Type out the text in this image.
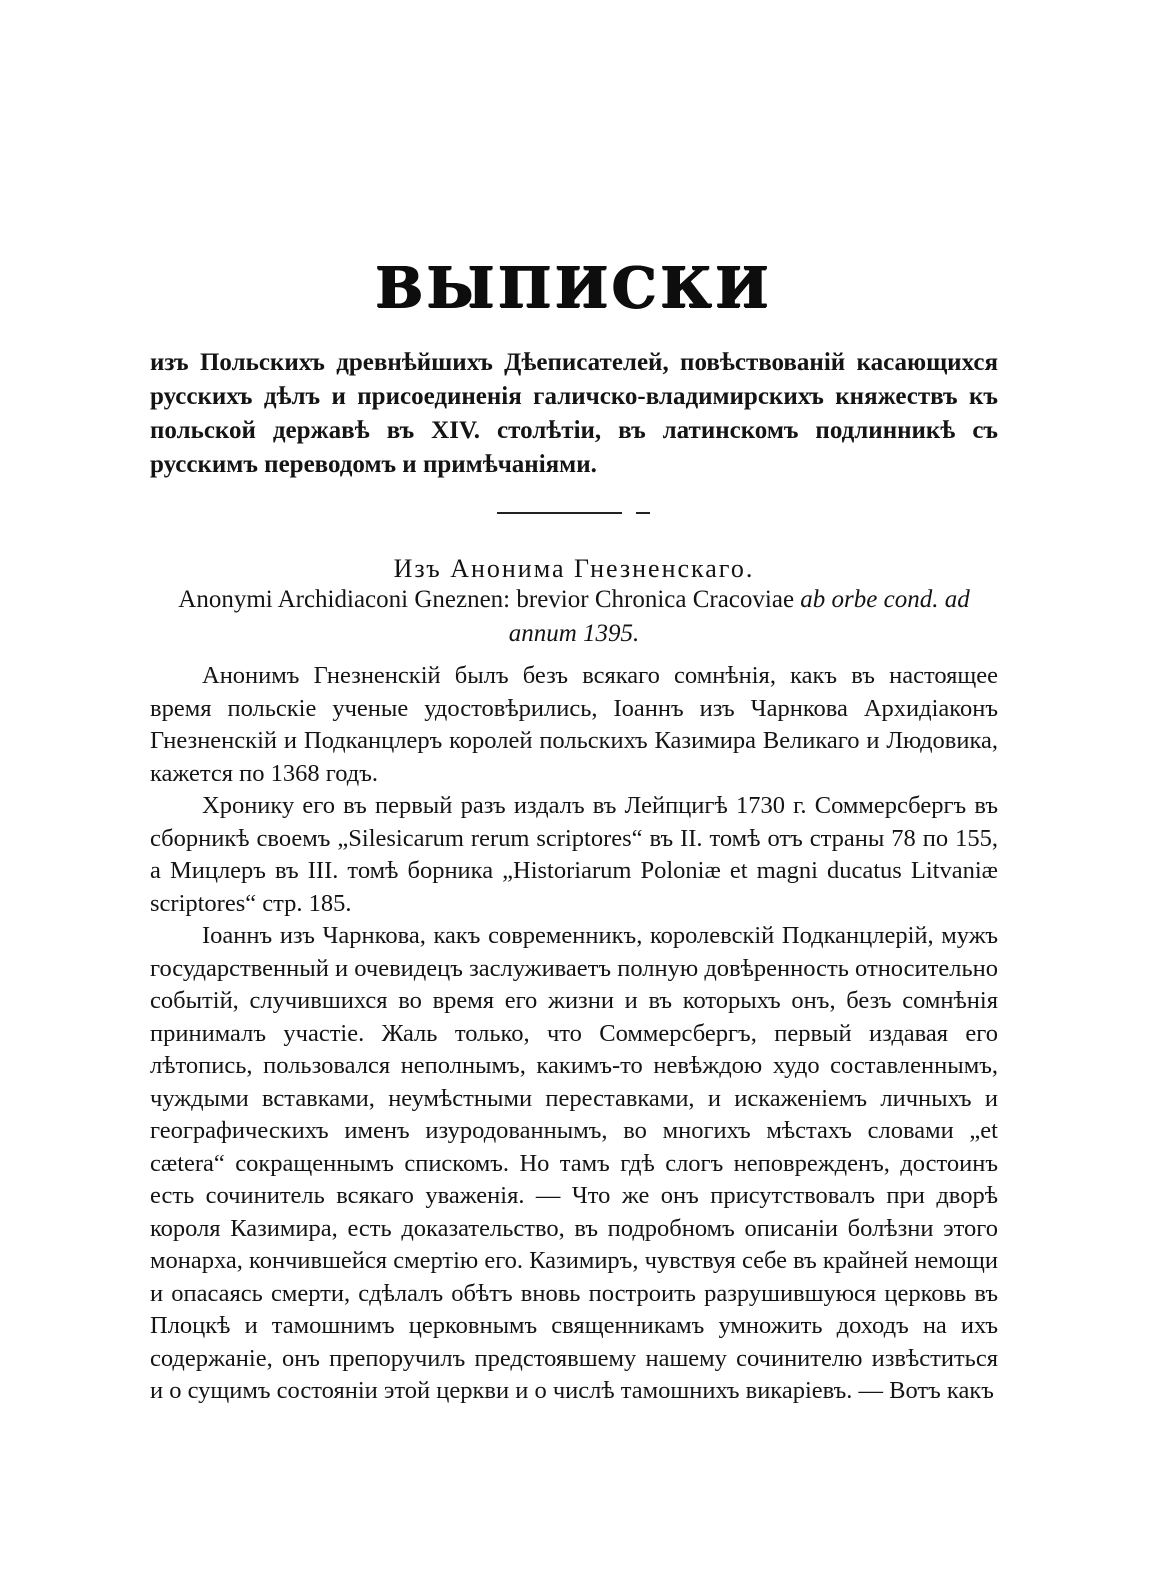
ВЫПИСКИ
изъ Польскихъ древнѣйшихъ Дѣеписателей, повѣствованій касающихся русскихъ дѣлъ и присоединенія галичско-владимирскихъ княжествъ къ польской державѣ въ XIV. столѣтіи, въ латинскомъ подлинникѣ съ русскимъ переводомъ и примѣчаніями.
Изъ Анонима Гнезненскаго.
Anonymi Archidiaconi Gneznen: brevior Chronica Cracoviae ab orbe cond. ad annum 1395.

Анонимъ Гнезненскій былъ безъ всякаго сомнѣнія, какъ въ настоящее время польскіе ученые удостовѣрились, Іоаннъ изъ Чарнкова Архидіаконъ Гнезненскій и Подканцлеръ королей польскихъ Казимира Великаго и Людовика, кажется по 1368 годъ.

Хронику его въ первый разъ издалъ въ Лейпцигѣ 1730 г. Соммерсбергъ въ сборникѣ своемъ „Silesicarum rerum scriptores“ въ II. томѣ отъ страны 78 по 155, а Мицлеръ въ III. томѣ борника „Historiarum Poloniæ et magni ducatus Litvaniæ scriptores“ стр. 185.

Іоаннъ изъ Чарнкова, какъ современникъ, королевскій Подканцлерій, мужъ государственный и очевидецъ заслуживаетъ полную довѣренность относительно событій, случившихся во время его жизни и въ которыхъ онъ, безъ сомнѣнія принималъ участіе. Жаль только, что Соммерсбергъ, первый издавая его лѣтопись, пользовался неполнымъ, какимъ-то невѣждою худо составленнымъ, чуждыми вставками, неумѣстными переставками, и искаженіемъ личныхъ и географическихъ именъ изуродованнымъ, во многихъ мѣстахъ словами „et cætera“ сокращеннымъ спискомъ. Но тамъ гдѣ слогъ неповрежденъ, достоинъ есть сочинитель всякаго уваженія. — Что же онъ присутствовалъ при дворѣ короля Казимира, есть доказательство, въ подробномъ описаніи болѣзни этого монарха, кончившейся смертію его. Казимиръ, чувствуя себе въ крайней немощи и опасаясь смерти, сдѣлалъ обѣтъ вновь построить разрушившуюся церковь въ Плоцкѣ и тамошнимъ церковнымъ священникамъ умножить доходъ на ихъ содержаніе, онъ препоручилъ предстоявшему нашему сочинителю извѣститься и о сущимъ состояніи этой церкви и о числѣ тамошнихъ викаріевъ. — Вотъ какъ
